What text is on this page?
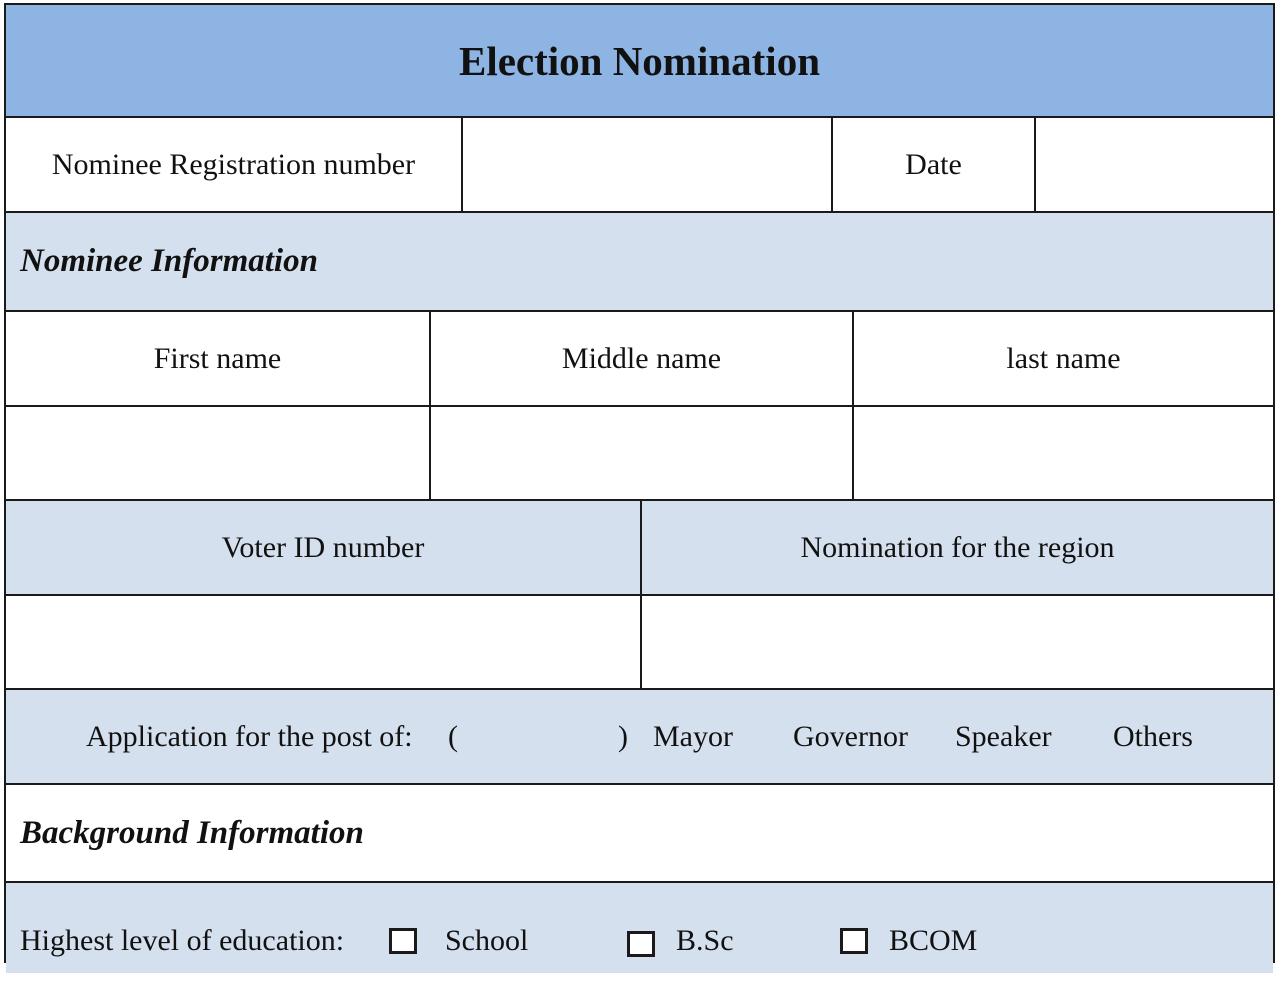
Election Nomination
Nominee Registration number	Date
Nominee Information
First name	Middle name	last name
Voter ID number	Nomination for the region
Application for the post of: (	) Mayor Governor Speaker Others
Background Information
Highest level of education:	School	B.Sc	BCOM
